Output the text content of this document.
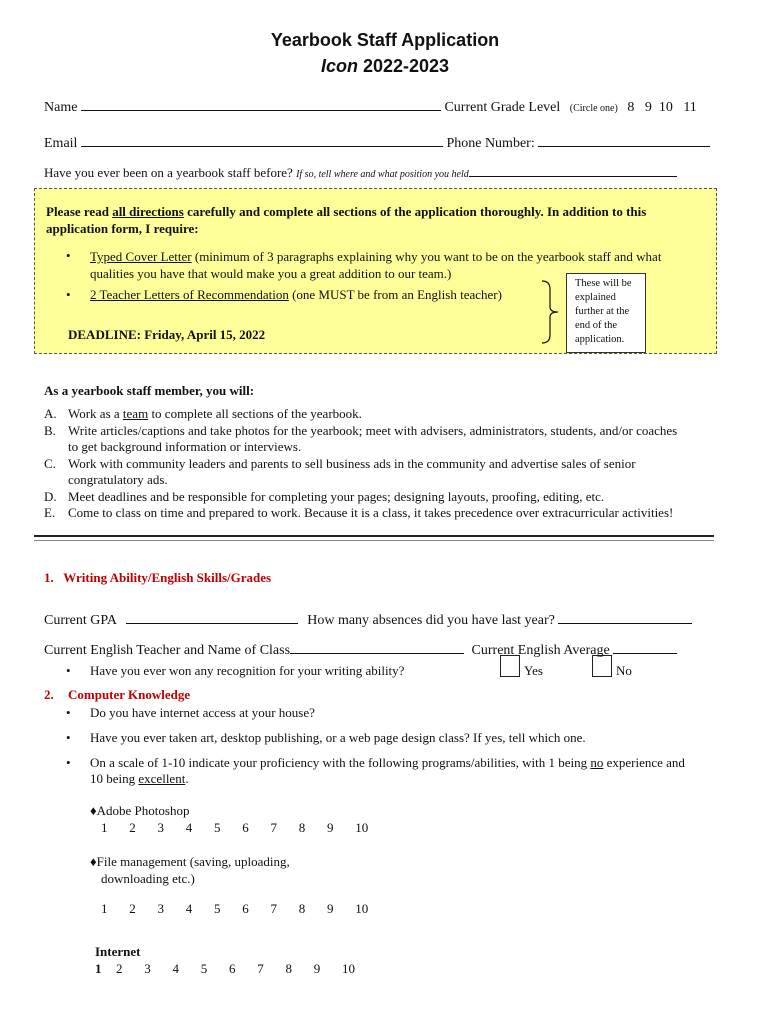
Yearbook Staff Application
Icon 2022-2023
Name	Current Grade Level (Circle one) 8   9  10   11
Email	Phone Number:
Have you ever been on a yearbook staff before? If so, tell where and what position you held
Please read all directions carefully and complete all sections of the application thoroughly. In addition to this
application form, I require:
• Typed Cover Letter (minimum of 3 paragraphs explaining why you want to be on the yearbook staff and what
qualities you have that would make you a great addition to our team.)
• 2 Teacher Letters of Recommendation (one MUST be from an English teacher)
DEADLINE: Friday, April 15, 2022
These will be
explained
further at the
end of the
application.
As a yearbook staff member, you will:
A. Work as a team to complete all sections of the yearbook.
B. Write articles/captions and take photos for the yearbook; meet with advisers, administrators, students, and/or coaches
to get background information or interviews.
C. Work with community leaders and parents to sell business ads in the community and advertise sales of senior
congratulatory ads.
D. Meet deadlines and be responsible for completing your pages; designing layouts, proofing, editing, etc.
E. Come to class on time and prepared to work. Because it is a class, it takes precedence over extracurricular activities!
1.   Writing Ability/English Skills/Grades
Current GPA	How many absences did you have last year?
Current English Teacher and Name of Class	Current English Average
• Have you ever won any recognition for your writing ability?	Yes	No
2. Computer Knowledge
• Do you have internet access at your house?
• Have you ever taken art, desktop publishing, or a web page design class? If yes, tell which one.
• On a scale of 1-10 indicate your proficiency with the following programs/abilities, with 1 being no experience and
10 being excellent.
♦Adobe Photoshop
1   2   3   4   5   6   7   8   9   10
♦File management (saving, uploading,
downloading etc.)
1   2   3   4   5   6   7   8   9   10
Internet
1  2   3   4   5   6   7   8   9   10
